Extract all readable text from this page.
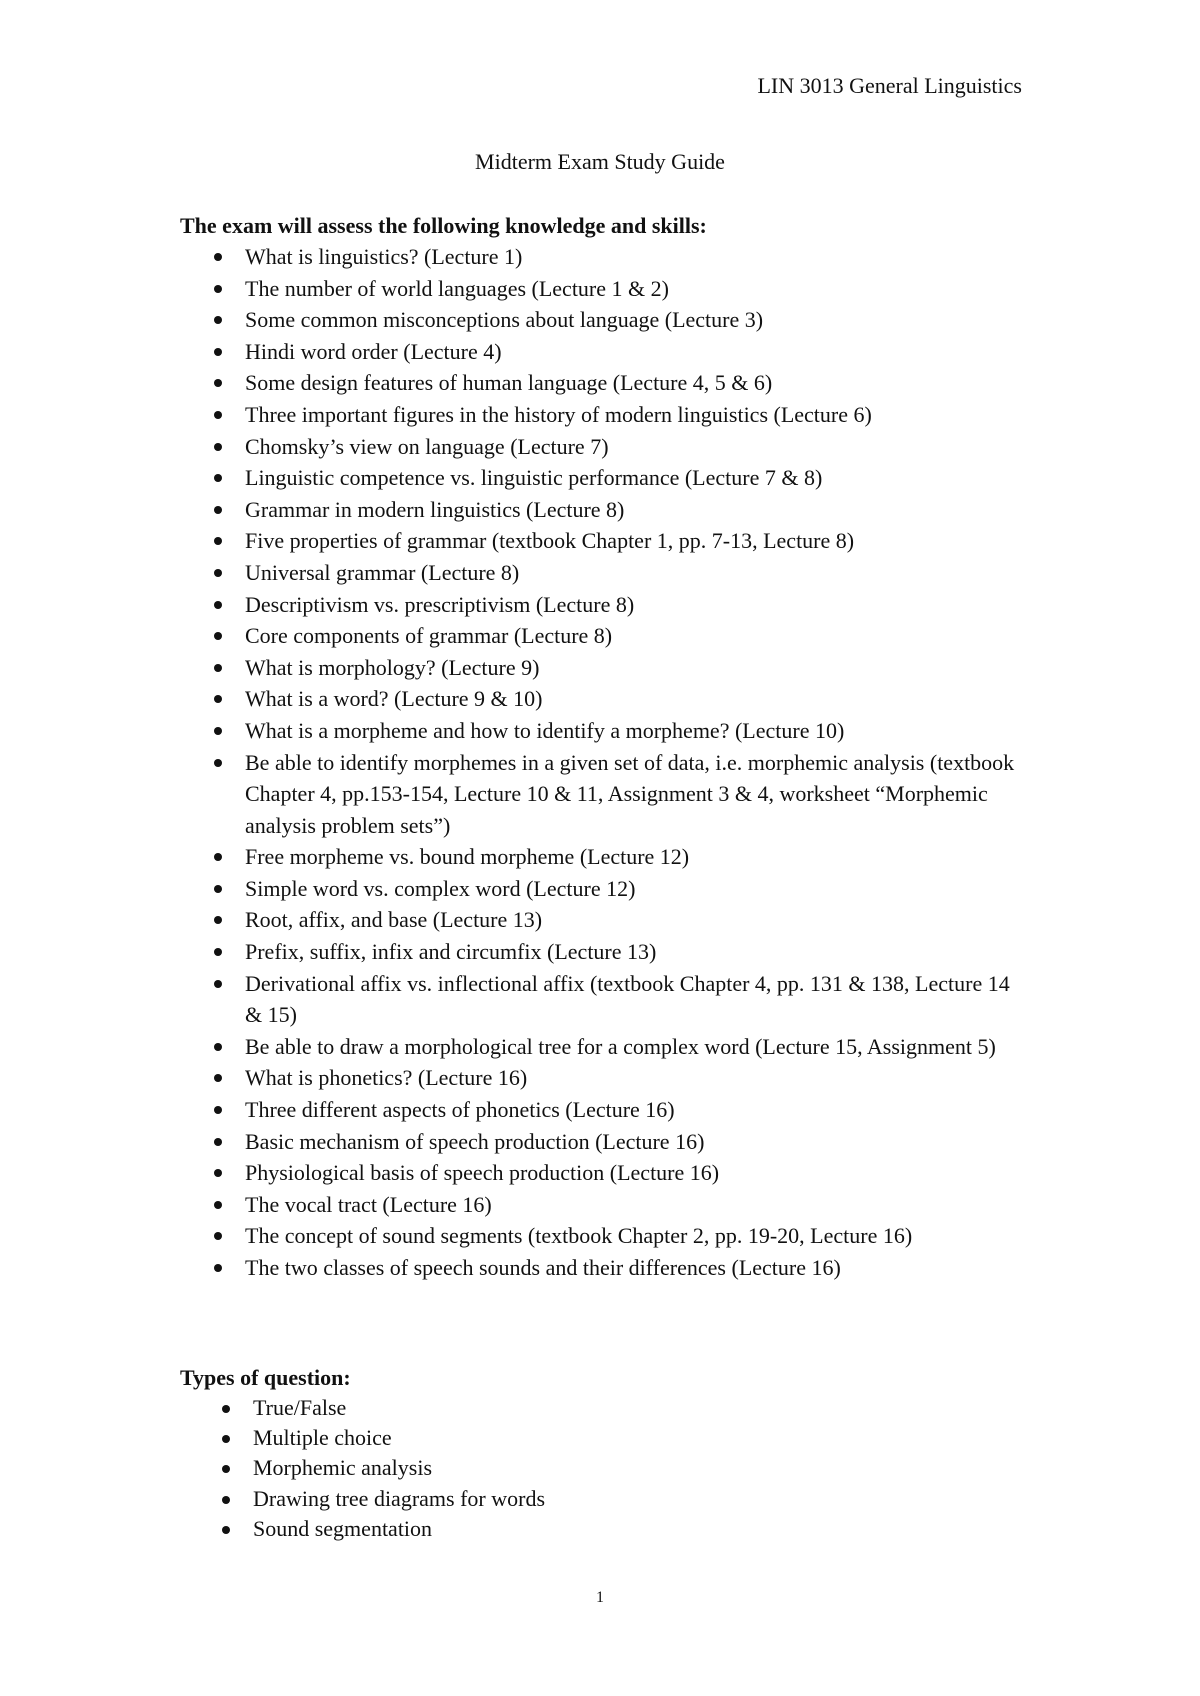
LIN 3013 General Linguistics
Midterm Exam Study Guide

The exam will assess the following knowledge and skills:

What is linguistics? (Lecture 1)
The number of world languages (Lecture 1 & 2)
Some common misconceptions about language (Lecture 3)
Hindi word order (Lecture 4)
Some design features of human language (Lecture 4, 5 & 6)
Three important figures in the history of modern linguistics (Lecture 6)
Chomsky’s view on language (Lecture 7)
Linguistic competence vs. linguistic performance (Lecture 7 & 8)
Grammar in modern linguistics (Lecture 8)
Five properties of grammar (textbook Chapter 1, pp. 7-13, Lecture 8)
Universal grammar (Lecture 8)
Descriptivism vs. prescriptivism (Lecture 8)
Core components of grammar (Lecture 8)
What is morphology? (Lecture 9)
What is a word? (Lecture 9 & 10)
What is a morpheme and how to identify a morpheme? (Lecture 10)
Be able to identify morphemes in a given set of data, i.e. morphemic analysis (textbook Chapter 4, pp.153-154, Lecture 10 & 11, Assignment 3 & 4, worksheet “Morphemic analysis problem sets”)
Free morpheme vs. bound morpheme (Lecture 12)
Simple word vs. complex word (Lecture 12)
Root, affix, and base (Lecture 13)
Prefix, suffix, infix and circumfix (Lecture 13)
Derivational affix vs. inflectional affix (textbook Chapter 4, pp. 131 & 138, Lecture 14 & 15)
Be able to draw a morphological tree for a complex word (Lecture 15, Assignment 5)
What is phonetics? (Lecture 16)
Three different aspects of phonetics (Lecture 16)
Basic mechanism of speech production (Lecture 16)
Physiological basis of speech production (Lecture 16)
The vocal tract (Lecture 16)
The concept of sound segments (textbook Chapter 2, pp. 19-20, Lecture 16)
The two classes of speech sounds and their differences (Lecture 16)

Types of question:

True/False
Multiple choice
Morphemic analysis
Drawing tree diagrams for words
Sound segmentation
1
